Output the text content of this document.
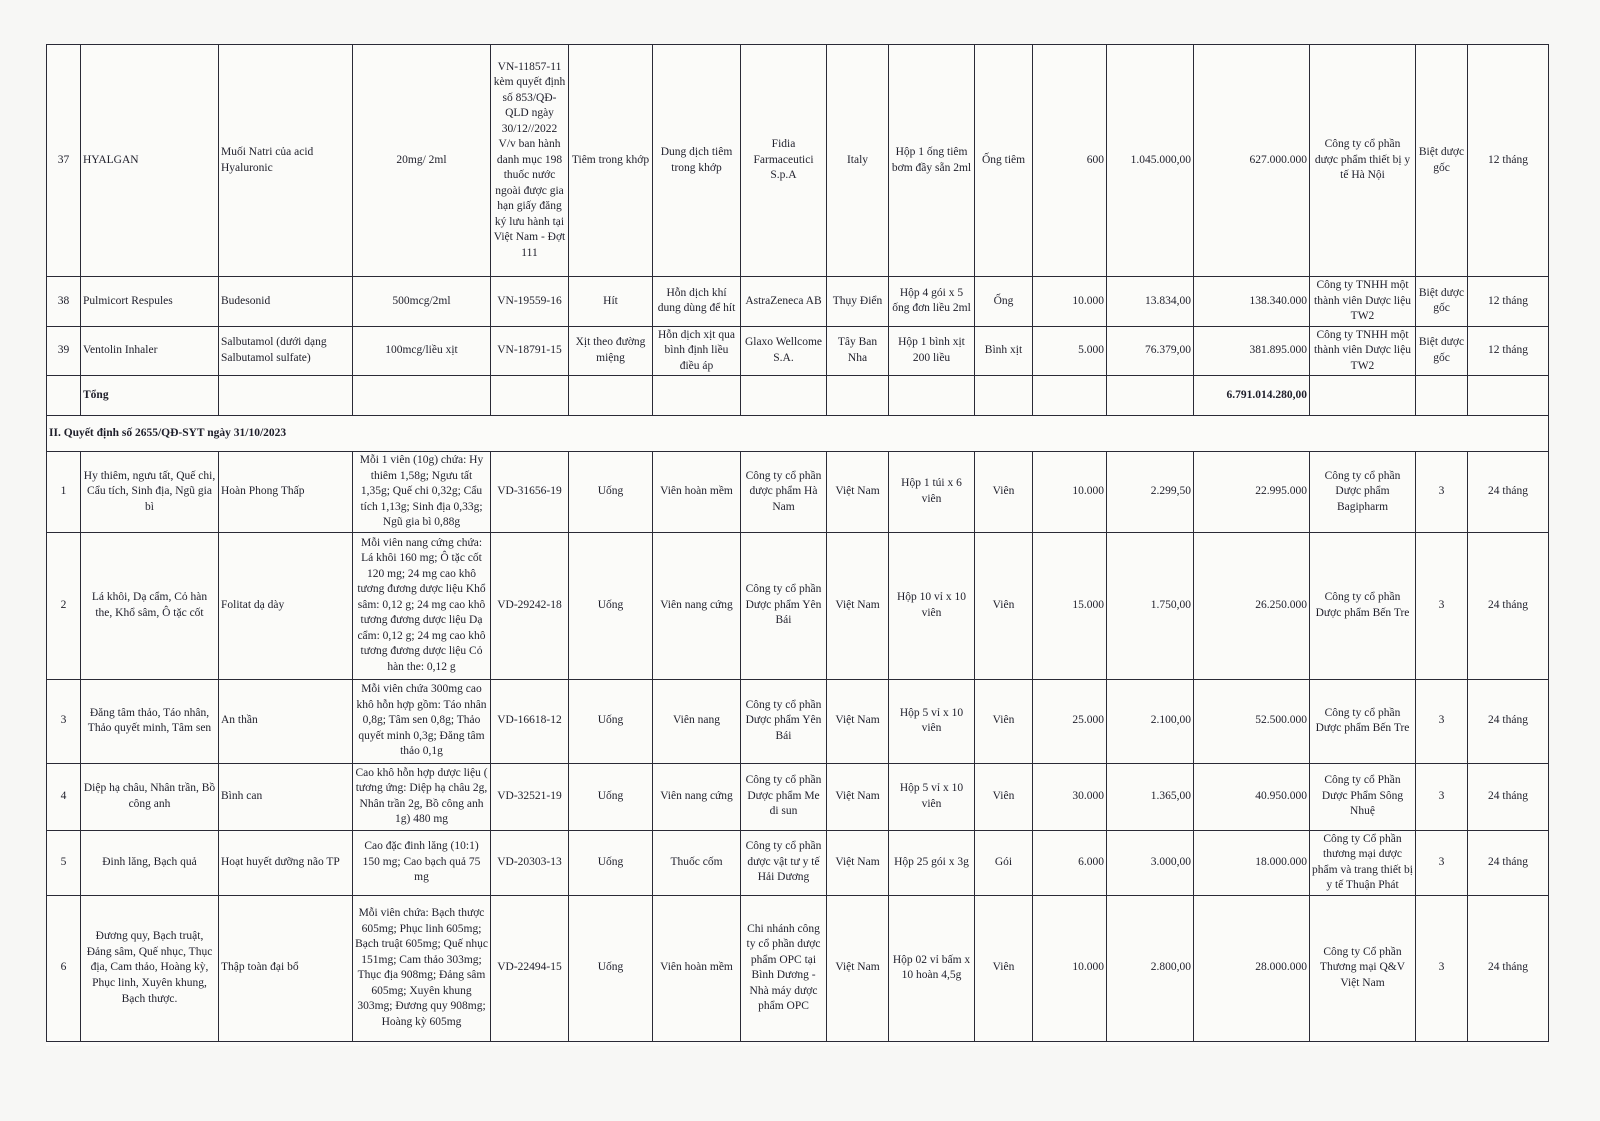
37	HYALGAN	Muối Natri của acid Hyaluronic	20mg/ 2ml	VN-11857-11 kèm quyết định số 853/QĐ-QLD ngày 30/12//2022 V/v ban hành danh mục 198 thuốc nước ngoài được gia hạn giấy đăng ký lưu hành tại Việt Nam - Đợt 111	Tiêm trong khớp	Dung dịch tiêm trong khớp	Fidia Farmaceutici S.p.A	Italy	Hộp 1 ống tiêm bơm đầy sẵn 2ml	Ống tiêm	600	1.045.000,00	627.000.000	Công ty cổ phần dược phẩm thiết bị y tế Hà Nội	Biệt dược gốc	12 tháng
38	Pulmicort Respules	Budesonid	500mcg/2ml	VN-19559-16	Hít	Hỗn dịch khí dung dùng để hít	AstraZeneca AB	Thụy Điển	Hộp 4 gói x 5 ống đơn liều 2ml	Ống	10.000	13.834,00	138.340.000	Công ty TNHH một thành viên Dược liệu TW2	Biệt dược gốc	12 tháng
39	Ventolin Inhaler	Salbutamol (dưới dạng Salbutamol sulfate)	100mcg/liều xịt	VN-18791-15	Xịt theo đường miệng	Hỗn dịch xịt qua bình định liều điều áp	Glaxo Wellcome S.A.	Tây Ban Nha	Hộp 1 bình xịt 200 liều	Bình xịt	5.000	76.379,00	381.895.000	Công ty TNHH một thành viên Dược liệu TW2	Biệt dược gốc	12 tháng
	Tổng												6.791.014.280,00			
II. Quyết định số 2655/QĐ-SYT ngày 31/10/2023																
1	Hy thiêm, ngưu tất, Quế chi, Cẩu tích, Sinh địa, Ngũ gia bì	Hoàn Phong Thấp	Mỗi 1 viên (10g) chứa: Hy thiêm 1,58g; Ngưu tất 1,35g; Quế chi 0,32g; Cẩu tích 1,13g; Sinh địa 0,33g; Ngũ gia bì 0,88g	VD-31656-19	Uống	Viên hoàn mềm	Công ty cổ phần dược phẩm Hà Nam	Việt Nam	Hộp 1 túi x 6 viên	Viên	10.000	2.299,50	22.995.000	Công ty cổ phần Dược phẩm Bagipharm	3	24 tháng
2	Lá khôi, Dạ cẩm, Cỏ hàn the, Khổ sâm, Ô tặc cốt	Folitat dạ dày	Mỗi viên nang cứng chứa: Lá khôi 160 mg; Ô tặc cốt 120 mg; 24 mg cao khô tương đương dược liệu Khổ sâm: 0,12 g; 24 mg cao khô tương đương dược liệu Dạ cẩm: 0,12 g; 24 mg cao khô tương đương dược liệu Cỏ hàn the: 0,12 g	VD-29242-18	Uống	Viên nang cứng	Công ty cổ phần Dược phẩm Yên Bái	Việt Nam	Hộp 10 vỉ x 10 viên	Viên	15.000	1.750,00	26.250.000	Công ty cổ phần Dược phẩm Bến Tre	3	24 tháng
3	Đăng tâm thảo, Táo nhân, Thảo quyết minh, Tâm sen	An thần	Mỗi viên chứa 300mg cao khô hỗn hợp gồm: Táo nhân 0,8g; Tâm sen 0,8g; Thảo quyết minh 0,3g; Đăng tâm thảo 0,1g	VD-16618-12	Uống	Viên nang	Công ty cổ phần Dược phẩm Yên Bái	Việt Nam	Hộp 5 vỉ x 10 viên	Viên	25.000	2.100,00	52.500.000	Công ty cổ phần Dược phẩm Bến Tre	3	24 tháng
4	Diệp hạ châu, Nhân trần, Bồ công anh	Bình can	Cao khô hỗn hợp dược liệu ( tương ứng: Diệp hạ châu 2g, Nhân trần 2g, Bồ công anh 1g) 480 mg	VD-32521-19	Uống	Viên nang cứng	Công ty cổ phần Dược phẩm Me di sun	Việt Nam	Hộp 5 vỉ x 10 viên	Viên	30.000	1.365,00	40.950.000	Công ty cổ Phần Dược Phẩm Sông Nhuệ	3	24 tháng
5	Đinh lăng, Bạch quả	Hoạt huyết dưỡng não TP	Cao đặc đinh lăng (10:1) 150 mg; Cao bạch quả 75 mg	VD-20303-13	Uống	Thuốc cốm	Công ty cổ phần dược vật tư y tế Hải Dương	Việt Nam	Hộp 25 gói x 3g	Gói	6.000	3.000,00	18.000.000	Công ty Cổ phần thương mại dược phẩm và trang thiết bị y tế Thuận Phát	3	24 tháng
6	Đương quy, Bạch truật, Đảng sâm, Quế nhục, Thục địa, Cam thảo, Hoàng kỳ, Phục linh, Xuyên khung, Bạch thược.	Thập toàn đại bổ	Mỗi viên chứa: Bạch thược 605mg; Phục linh 605mg; Bạch truật 605mg; Quế nhục 151mg; Cam thảo 303mg; Thục địa 908mg; Đảng sâm 605mg; Xuyên khung 303mg; Đương quy 908mg; Hoàng kỳ 605mg	VD-22494-15	Uống	Viên hoàn mềm	Chi nhánh công ty cổ phần dược phẩm OPC tại Bình Dương - Nhà máy dược phẩm OPC	Việt Nam	Hộp 02 vỉ bấm x 10 hoàn 4,5g	Viên	10.000	2.800,00	28.000.000	Công ty Cổ phần Thương mại Q&V Việt Nam	3	24 tháng
